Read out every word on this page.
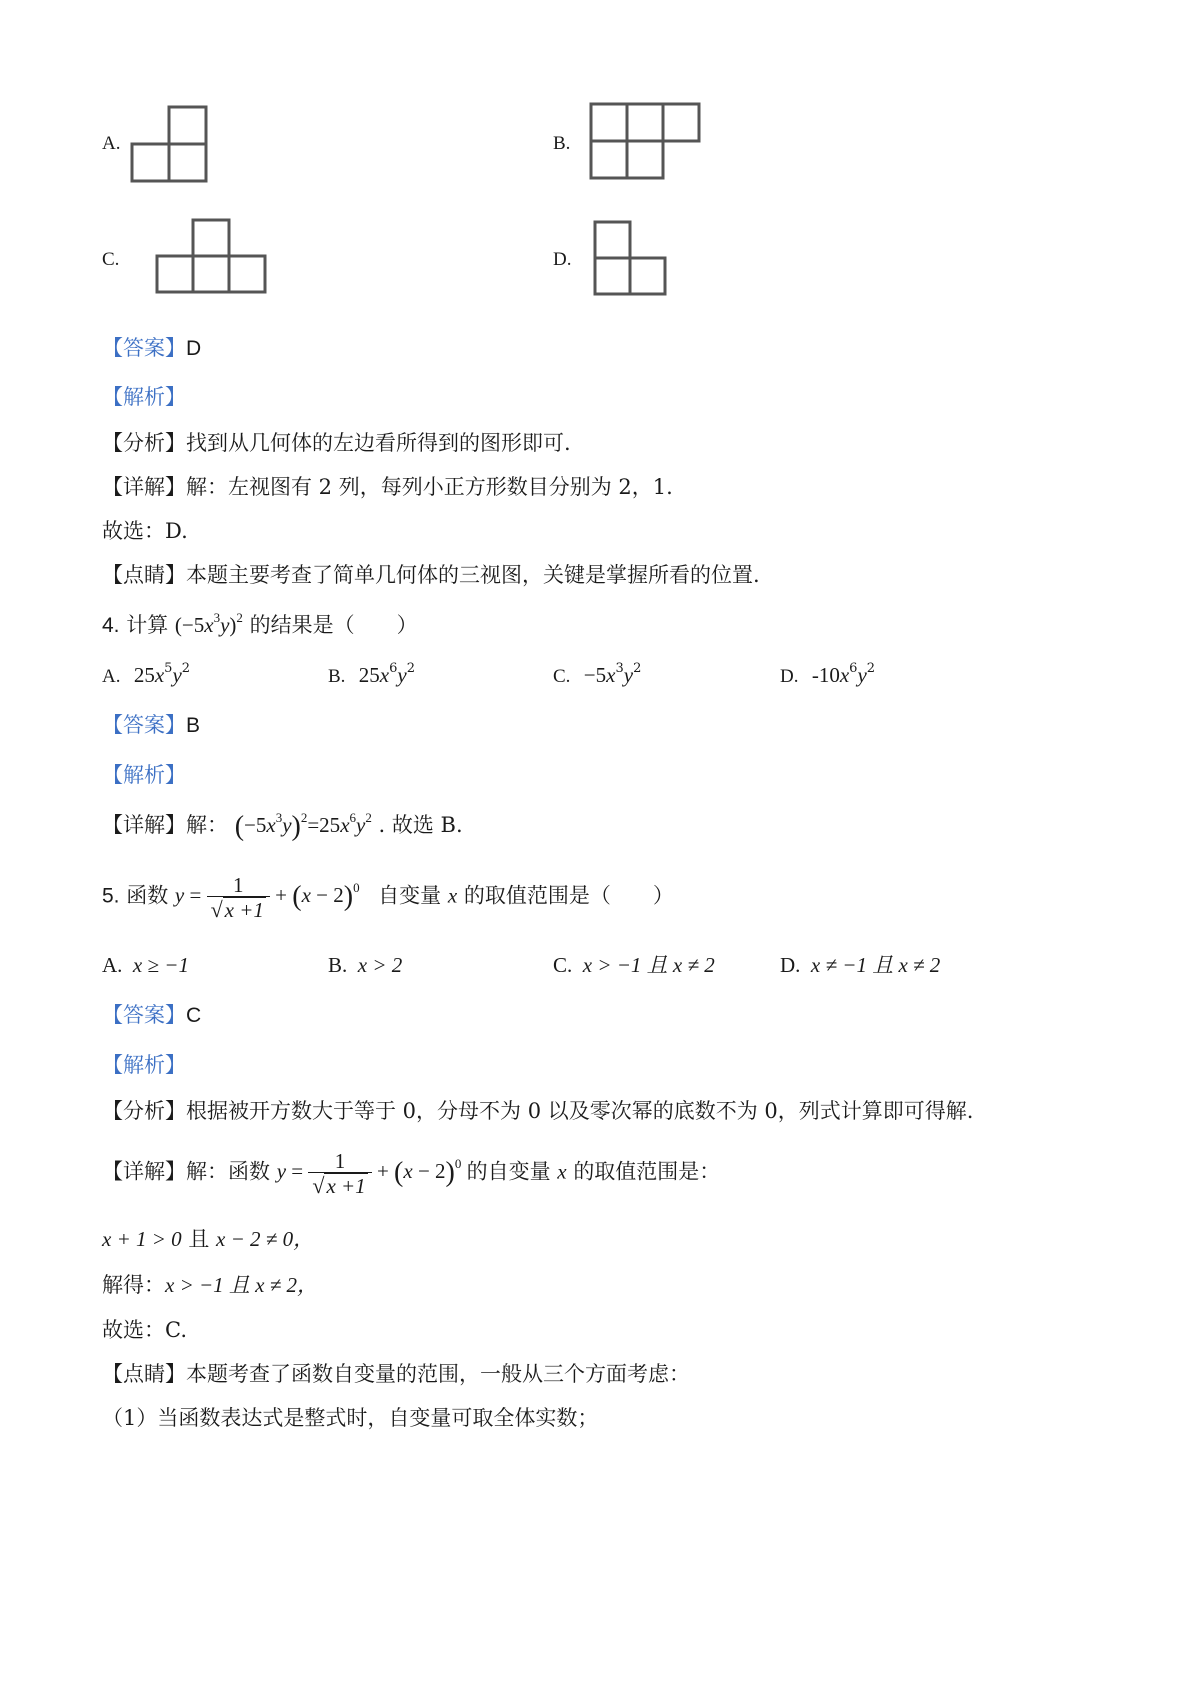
A.	B.
C.	D.
【答案】D
【解析】
【分析】找到从几何体的左边看所得到的图形即可.
【详解】解：左视图有 2 列，每列小正方形数目分别为 2，1.
故选：D.
【点睛】本题主要考查了简单几何体的三视图，关键是掌握所看的位置.
4. 计算 $(-5x^3y)^2$ 的结果是（　　）
A. $25x^5y^2$	B. $25x^6y^2$	C. $-5x^3y^2$	D. $-10x^6y^2$
【答案】B
【解析】
【详解】解： $(-5x^3y)^2=25x^6y^2$ . 故选 B.
5. 函数 $y = \frac{1}{√x +1} + (x - 2)^0$ 自变量 x 的取值范围是（　　）
A. x ≥ −1	B. x > 2	C. x > −1 且 x ≠ 2	D. x ≠ −1 且 x ≠ 2
【答案】C
【解析】
【分析】根据被开方数大于等于 0，分母不为 0 以及零次幂的底数不为 0，列式计算即可得解.
【详解】解：函数 $y = \frac{1}{√x +1} + (x - 2)^0$ 的自变量 x 的取值范围是：
x + 1 > 0 且 x − 2 ≠ 0，
解得：x > −1 且 x ≠ 2，
故选：C.
【点睛】本题考查了函数自变量的范围，一般从三个方面考虑：
（1）当函数表达式是整式时，自变量可取全体实数；
